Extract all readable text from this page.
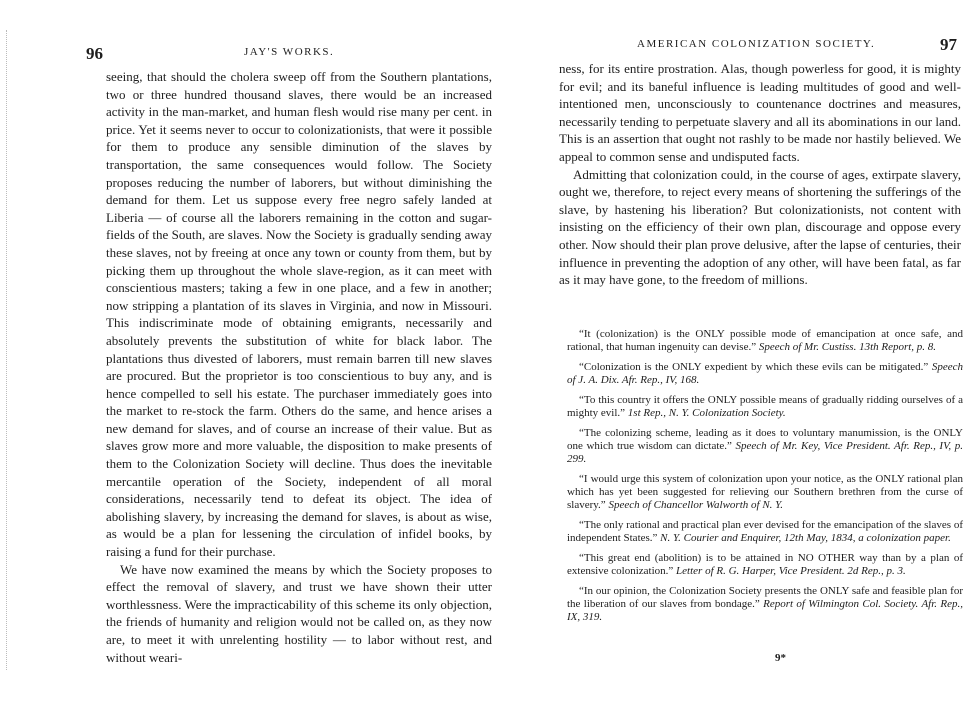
96	JAY'S WORKS.

seeing, that should the cholera sweep off from the Southern plantations, two or three hundred thousand slaves, there would be an increased activity in the man-market, and human flesh would rise many per cent. in price. Yet it seems never to occur to colonizationists, that were it possible for them to produce any sensible diminution of the slaves by transportation, the same consequences would follow. The Society proposes reducing the number of laborers, but without diminishing the demand for them. Let us suppose every free negro safely landed at Liberia — of course all the laborers remaining in the cotton and sugar-fields of the South, are slaves. Now the Society is gradually sending away these slaves, not by freeing at once any town or county from them, but by picking them up throughout the whole slave-region, as it can meet with conscientious masters; taking a few in one place, and a few in another; now stripping a plantation of its slaves in Virginia, and now in Missouri. This indiscriminate mode of obtaining emigrants, necessarily and absolutely prevents the substitution of white for black labor. The plantations thus divested of laborers, must remain barren till new slaves are procured. But the proprietor is too conscientious to buy any, and is hence compelled to sell his estate. The purchaser immediately goes into the market to re-stock the farm. Others do the same, and hence arises a new demand for slaves, and of course an increase of their value. But as slaves grow more and more valuable, the disposition to make presents of them to the Colonization Society will decline. Thus does the inevitable mercantile operation of the Society, independent of all moral considerations, necessarily tend to defeat its object. The idea of abolishing slavery, by increasing the demand for slaves, is about as wise, as would be a plan for lessening the circulation of infidel books, by raising a fund for their purchase.

We have now examined the means by which the Society proposes to effect the removal of slavery, and trust we have shown their utter worthlessness. Were the impracticability of this scheme its only objection, the friends of humanity and religion would not be called on, as they now are, to meet it with unrelenting hostility — to labor without rest, and without weari-

AMERICAN COLONIZATION SOCIETY.	97

ness, for its entire prostration. Alas, though powerless for good, it is mighty for evil; and its baneful influence is leading multitudes of good and well-intentioned men, unconsciously to countenance doctrines and measures, necessarily tending to perpetuate slavery and all its abominations in our land. This is an assertion that ought not rashly to be made nor hastily believed. We appeal to common sense and undisputed facts.

Admitting that colonization could, in the course of ages, extirpate slavery, ought we, therefore, to reject every means of shortening the sufferings of the slave, by hastening his liberation? But colonizationists, not content with insisting on the efficiency of their own plan, discourage and oppose every other. Now should their plan prove delusive, after the lapse of centuries, their influence in preventing the adoption of any other, will have been fatal, as far as it may have gone, to the freedom of millions.

“It (colonization) is the ONLY possible mode of emancipation at once safe, and rational, that human ingenuity can devise.” Speech of Mr. Custiss. 13th Report, p. 8.

“Colonization is the ONLY expedient by which these evils can be mitigated.” Speech of J. A. Dix. Afr. Rep., IV, 168.

“To this country it offers the ONLY possible means of gradually ridding ourselves of a mighty evil.” 1st Rep., N. Y. Colonization Society.

“The colonizing scheme, leading as it does to voluntary manumission, is the ONLY one which true wisdom can dictate.” Speech of Mr. Key, Vice President. Afr. Rep., IV, p. 299.

“I would urge this system of colonization upon your notice, as the ONLY rational plan which has yet been suggested for relieving our Southern brethren from the curse of slavery.” Speech of Chancellor Walworth of N. Y.

“The only rational and practical plan ever devised for the emancipation of the slaves of independent States.” N. Y. Courier and Enquirer, 12th May, 1834, a colonization paper.

“This great end (abolition) is to be attained in NO OTHER way than by a plan of extensive colonization.” Letter of R. G. Harper, Vice President. 2d Rep., p. 3.

“In our opinion, the Colonization Society presents the ONLY safe and feasible plan for the liberation of our slaves from bondage.” Report of Wilmington Col. Society. Afr. Rep., IX, 319.

9*
